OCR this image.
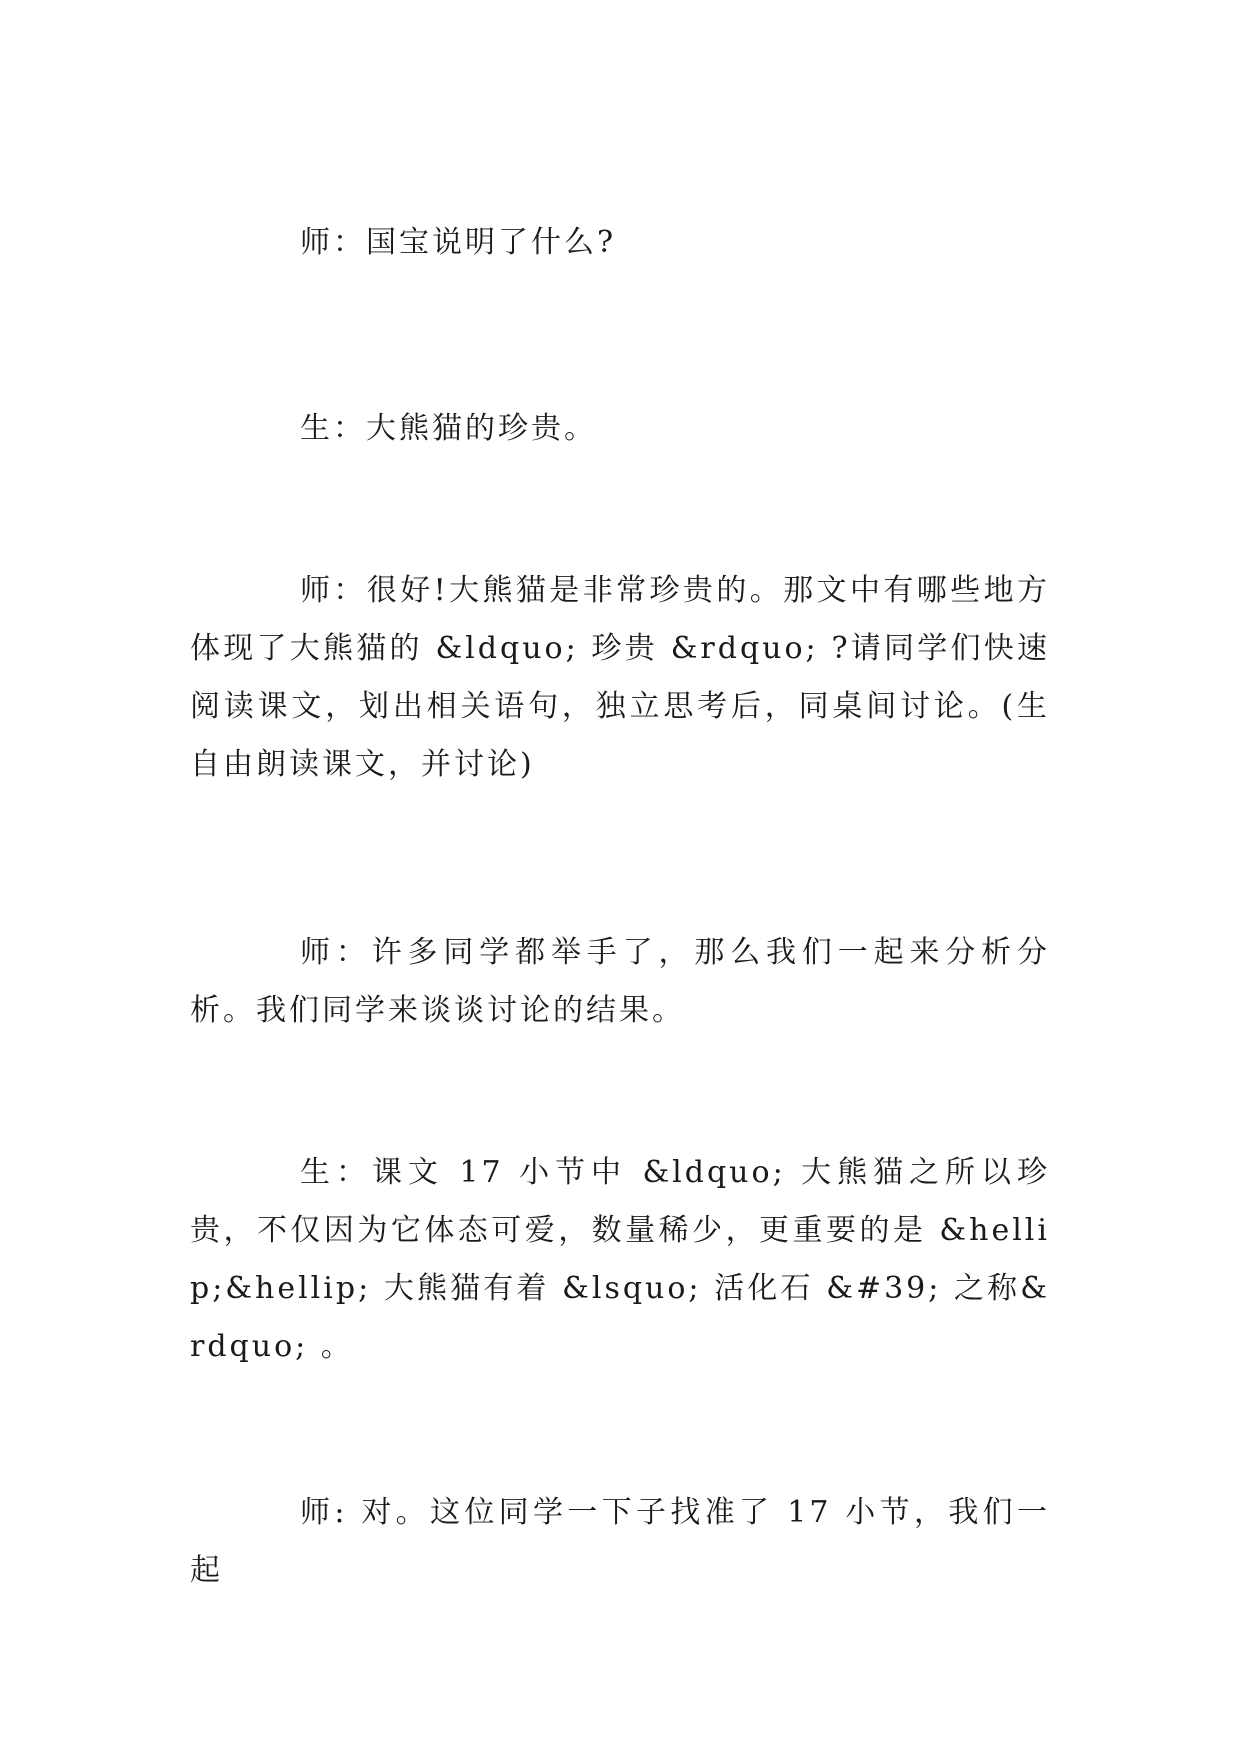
师：国宝说明了什么?
生：大熊猫的珍贵。
师：很好!大熊猫是非常珍贵的。那文中有哪些地方体现了大熊猫的 &ldquo; 珍贵 &rdquo; ?请同学们快速阅读课文，划出相关语句，独立思考后，同桌间讨论。(生自由朗读课文，并讨论)
师：许多同学都举手了，那么我们一起来分析分析。我们同学来谈谈讨论的结果。
生：课文 17 小节中 &ldquo; 大熊猫之所以珍贵，不仅因为它体态可爱，数量稀少，更重要的是 &hellip;&hellip; 大熊猫有着 &lsquo; 活化石 &#39; 之称&rdquo; 。
师: 对。这位同学一下子找准了 17 小节，我们一起
